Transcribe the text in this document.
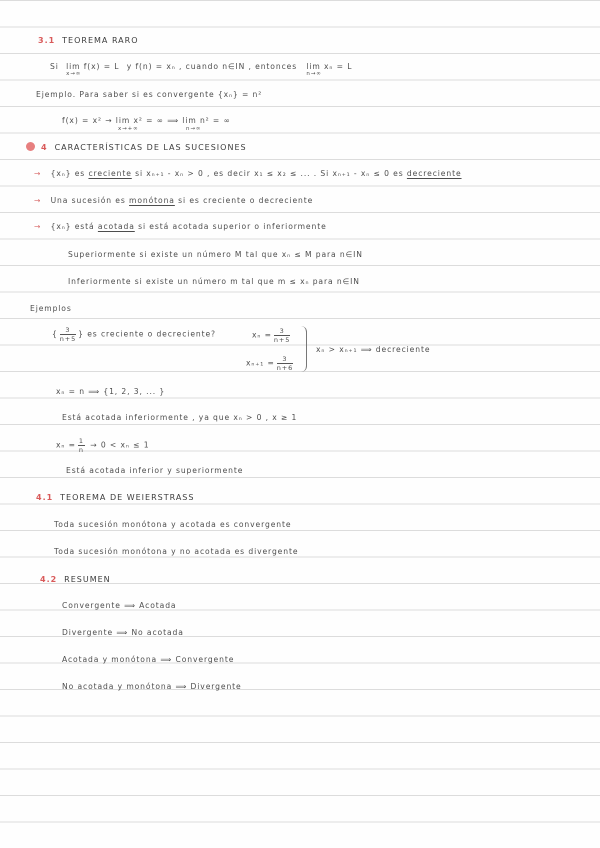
3.1 TEOREMA RARO
Si lim f(x) = L
x→∞
y f(n) = xₙ , cuando n∈IN , entonces lim xₙ = L
n→∞
Ejemplo. Para saber si es convergente {xₙ} = n²
f(x) = x² → lim x² = ∞ ⟹ lim n² = ∞
x→+∞	n→∞
4 CARACTERÍSTICAS DE LAS SUCESIONES
→ {xₙ} es creciente si xₙ₊₁ - xₙ > 0 , es decir x₁ ≤ x₂ ≤ ... . Si xₙ₊₁ - xₙ ≤ 0 es decreciente
→ Una sucesión es monótona si es creciente o decreciente
→ {xₙ} está acotada si está acotada superior o inferiormente
Superiormente si existe un número M tal que xₙ ≤ M para n∈IN
Inferiormente si existe un número m tal que m ≤ xₙ para n∈IN
Ejemplos
{ $\frac{3}{n+5}$ } es creciente o decreciente?	$x_n = \frac{3}{n+5}$
$x_{n+1} = \frac{3}{n+6}$
xₙ > xₙ₊₁ ⟹ decreciente
xₙ = n ⟹ {1, 2, 3, ... }
Está acotada inferiormente , ya que xₙ > 0 , x ≥ 1
$x_n = \frac{1}{n} \to 0 < x_n \le 1$
Está acotada inferior y superiormente
4.1 TEOREMA DE WEIERSTRASS
Toda sucesión monótona y acotada es convergente
Toda sucesión monótona y no acotada es divergente
4.2 RESUMEN
Convergente ⟹ Acotada
Divergente ⟹ No acotada
Acotada y monótona ⟹ Convergente
No acotada y monótona ⟹ Divergente
